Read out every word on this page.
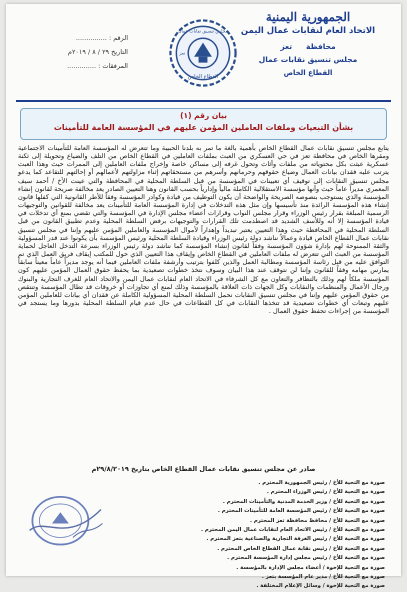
الجمهورية اليمنية
الاتحاد العام لنقابات عمال اليمن
محافظة
تعز
مجلس تنسيق نقابات عمال
القطاع الخاص
الرقم : ...............
التاريخ ٢٩ / ٨ / ٢٠١٩م
المرفقات : ..............
مجلس تنسيق نقابات عمال
القطاع الخاص
تعز
بيان رقم (١)
بشأن التبعيات وملفات العاملين المؤمن عليهم في المؤسسة العامة للتأمينات
يتابع مجلس تنسيق نقابات عمال القطاع الخاص بأهمية بالغة ما تمر به بلدنا الحبيبة وما تتعرض له المؤسسة العامة للتأمينات الاجتماعية ومقرها الخاص في محافظة تعز في حي العسكري من العبث بملفات العاملين في القطاع الخاص من التلف والضياع وتحويلة إلى ثكنة عسكرية عبثت بكل محتوياته من ملفات وأثاث وتحول غرفه إلى مساكن خاصة وإخراج ملفات العاملين إلى الممرات حيث وهذا العبث يترتب عليه فقدان بيانات العمال وضياع حقوقهم وحرمانهم وأسرهم من مستحقاتهم إثناء مزاولتهم لأعمالهم أو إحالتهم للتقاعد كما يدعو مجلس تنسيق النقابات إلى توقيف أي تعيينات في المؤسسة من قبل السلطة المحلية في المحافظة والتي عينت الأخ / أحمد سيف المعمري مديراً عاماً حيث وأنها مؤسسة الاستقلالية الكاملة مالياً وإدارياً بحسب القانون وهنا التعيين الصادر يعد مخالفة صريحة لقانون إنشاء المؤسسة والذي يستوجب بنصوصه الصريحة والواضحة أن يكون التوظيف من قيادة وكوادر المؤسسة وفقاً للأطر القانونية التي كفلها قانون إنشاء هذه المؤسسة الرائدة منذ تأسيسها وإن مثل هذه التدخلات في إدارة المؤسسة العامة للتأمينات يعد مخالفة للقوانين والتوجيهات الرسمية المبلغة بقرار رئيس الوزراء وقرار مجلس النواب وقرارات أعضاء مجلس الإدارة في المؤسسة والتي تقضي بمنع أي تدخلات في قيادة المؤسسة إلا أنه وللأسف الشديد قد اصطدمت تلك القرارات والتوجيهات برفض السلطة المحلية وعدم تطبيق القانون من قبل السلطة المحلية في المحافظة حيث وهذا التعيين يعتبر تبديداً وإهداراً لأموال المؤسسة والعاملين المؤمن عليهم وإننا في مجلس تنسيق نقابات عمال القطاع الخاص قيادة وعمالاً نناشد دولة رئيس الوزراء وقيادة السلطة المحلية ورئيس المؤسسة بأن يكونوا عند قدر المسؤولية والثقة الممنوحة لهم بإدارة شؤون المؤسسة وفقاً لقانون إنشاء المؤسسة كما نناشد دولة رئيس الوزراء بسرعة التدخل العاجل لحماية المؤسسة من العبث التي تتعرض له ملفات العاملين في القطاع الخاص وإيقاف هذا التعيين الذي حول للمكتب إيقاف فريق العمل الذي تم التوافق عليه من قبل رئاسة المؤسسة ومطالبة العمل والذين كلفوا بترتيب وأرشفة ملفات العاملين فيما أنه يوجد مديراً عاماً معيناً سابقاً يمارس مهامه وفقاً للقانون وإننا لن نتوقف عند هذا البيان وسوف نتخذ خطوات تصعيدية بما يحفظ حقوق العمال المؤمن عليهم كون المؤسسة ملكاً لهم وذلك بالتظافر والتعاون مع كل الشرفاء في الاتحاد العام لنقابات عمال اليمن والاتحاد العام للغرف التجارية والبنوك ورجال الأعمال والمنظمات والنقابات وكل الجهات ذات العلاقة بالمؤسسة وذلك لمنع أي تجاوزات أو خروقات قد تطال المؤسسة وتنتقص من حقوق المؤمن عليهم وإننا في مجلس تنسيق النقابات نحمل السلطة المحلية المسؤولية الكاملة عن فقدان أي بيانات للعاملين المؤمن عليهم وتبعات أي خطوات تصعيدية قد تتخذها النقابات في كل القطاعات في حال عدم قيام السلطة المحلية بدورها وما يستجد في المؤسسة من إجراءات تحفظ حقوق العمال .
صادر عن مجلس تنسيق نقابات عمال القطاع الخاص بتاريخ ٢٩/٨/٢٠١٩م
صورة مع التحية للأخ / رئيس الجمهورية المحترم .
صورة مع التحية للأخ / رئيس الوزراء المحترم .
صورة مع التحية للأخ / وزير الخدمة المدنية والتأمينات المحترم .
صورة مع التحية للأخ / رئيس المؤسسة العامة للتأمينات المحترم .
صورة مع التحية للأخ / محافظ محافظة تعز المحترم .
صورة مع التحية للأخ / رئيس الاتحاد العام لنقابات عمال اليمن المحترم .
صورة مع التحية للأخ / رئيس الغرفة التجارية والصناعية بتعز المحترم .
صورة مع التحية للأخ / رئيس نقابة عمال القطاع الخاص المحترم .
صورة مع التحية للأخ / رئيس مجلس إدارة المؤسسة المحترم .
صورة مع التحية للإخوة / أعضاء مجلس الإدارة بالمؤسسة .
صورة مع التحية للأخ / مدير عام المؤسسة بتعز .
صورة مع التحية للإخوة / وسائل الإعلام المختلفة .
